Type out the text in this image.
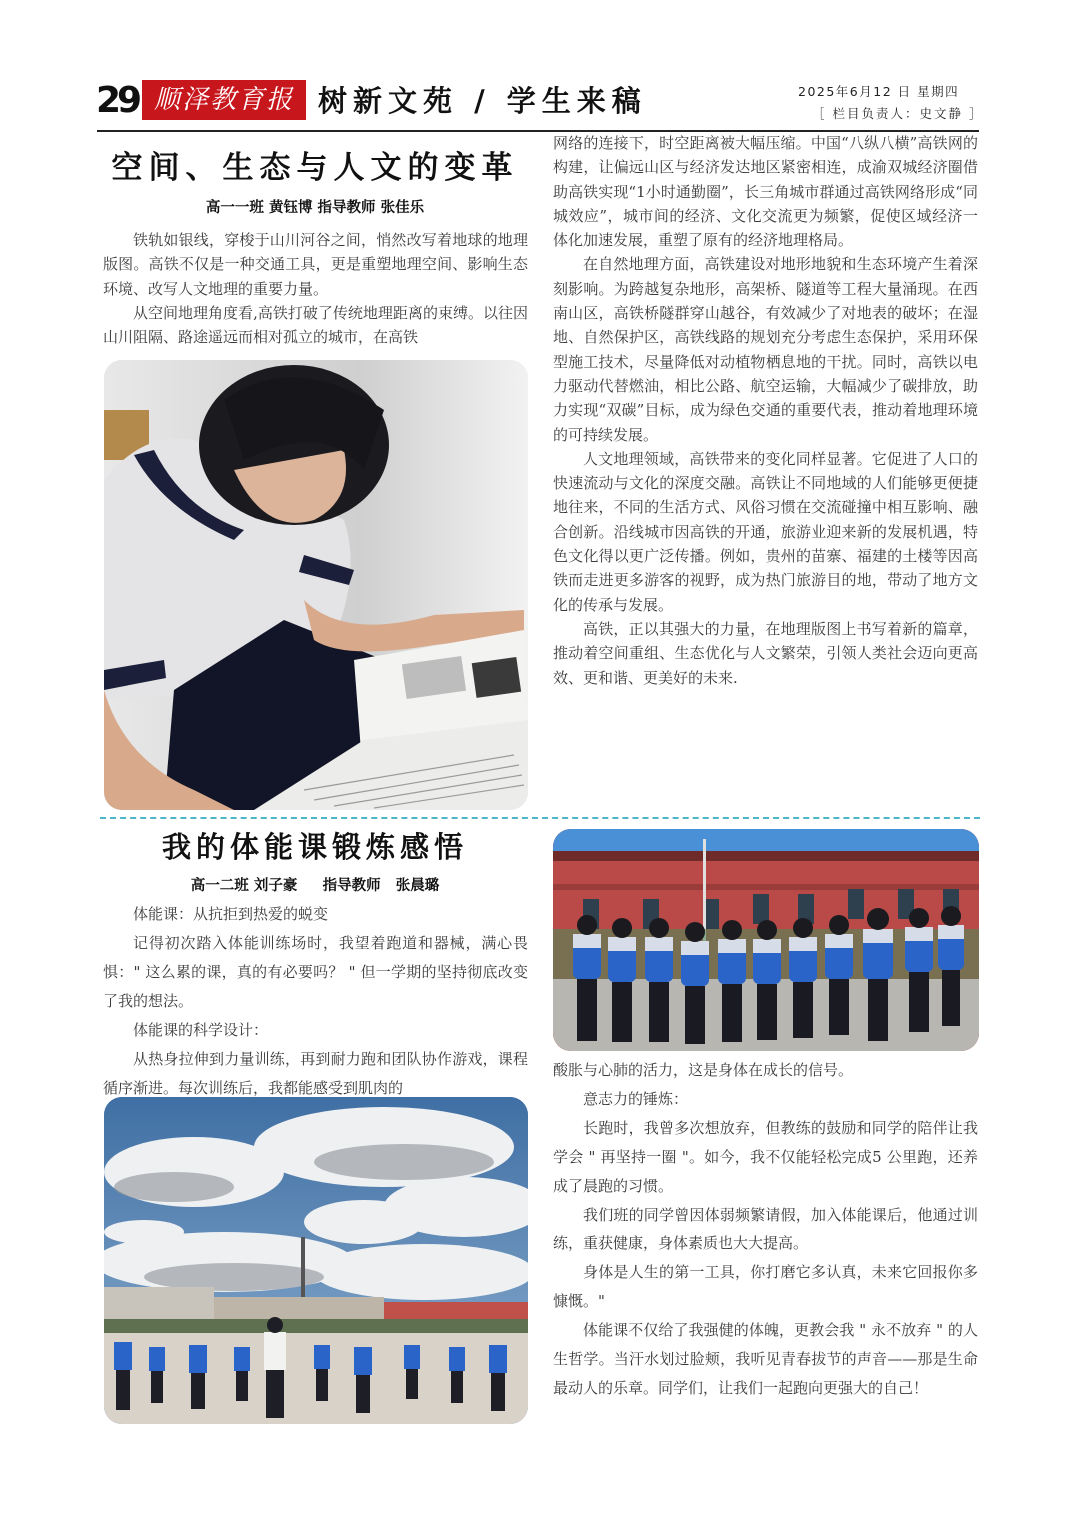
29 顺泽教育报 树新文苑 / 学生来稿	2025年6月12 日 星期四
［ 栏目负责人：史文静 ］
空间、生态与人文的变革
高一一班 黄钰博 指导教师 张佳乐

铁轨如银线，穿梭于山川河谷之间，悄然改写着地球的地理版图。高铁不仅是一种交通工具，更是重塑地理空间、影响生态环境、改写人文地理的重要力量。

从空间地理角度看,高铁打破了传统地理距离的束缚。以往因山川阻隔、路途遥远而相对孤立的城市，在高铁

网络的连接下，时空距离被大幅压缩。中国“八纵八横”高铁网的构建，让偏远山区与经济发达地区紧密相连，成渝双城经济圈借助高铁实现“1小时通勤圈”，长三角城市群通过高铁网络形成“同城效应”，城市间的经济、文化交流更为频繁，促使区域经济一体化加速发展，重塑了原有的经济地理格局。

在自然地理方面，高铁建设对地形地貌和生态环境产生着深刻影响。为跨越复杂地形，高架桥、隧道等工程大量涌现。在西南山区，高铁桥隧群穿山越谷，有效减少了对地表的破坏；在湿地、自然保护区，高铁线路的规划充分考虑生态保护，采用环保型施工技术，尽量降低对动植物栖息地的干扰。同时，高铁以电力驱动代替燃油，相比公路、航空运输，大幅减少了碳排放，助力实现“双碳”目标，成为绿色交通的重要代表，推动着地理环境的可持续发展。

人文地理领域，高铁带来的变化同样显著。它促进了人口的快速流动与文化的深度交融。高铁让不同地域的人们能够更便捷地往来，不同的生活方式、风俗习惯在交流碰撞中相互影响、融合创新。沿线城市因高铁的开通，旅游业迎来新的发展机遇，特色文化得以更广泛传播。例如，贵州的苗寨、福建的土楼等因高铁而走进更多游客的视野，成为热门旅游目的地，带动了地方文化的传承与发展。

高铁，正以其强大的力量，在地理版图上书写着新的篇章，推动着空间重组、生态优化与人文繁荣，引领人类社会迈向更高效、更和谐、更美好的未来.

我的体能课锻炼感悟
高一二班 刘子豪     指导教师   张晨璐

体能课：从抗拒到热爱的蜕变

记得初次踏入体能训练场时，我望着跑道和器械，满心畏惧：" 这么累的课，真的有必要吗？ " 但一学期的坚持彻底改变了我的想法。

体能课的科学设计：

从热身拉伸到力量训练，再到耐力跑和团队协作游戏，课程循序渐进。每次训练后，我都能感受到肌肉的

酸胀与心肺的活力，这是身体在成长的信号。

意志力的锤炼：

长跑时，我曾多次想放弃，但教练的鼓励和同学的陪伴让我学会 " 再坚持一圈 "。如今，我不仅能轻松完成5 公里跑，还养成了晨跑的习惯。

我们班的同学曾因体弱频繁请假，加入体能课后，他通过训练，重获健康，身体素质也大大提高。

身体是人生的第一工具，你打磨它多认真，未来它回报你多慷慨。"

体能课不仅给了我强健的体魄，更教会我 " 永不放弃 " 的人生哲学。当汗水划过脸颊，我听见青春拔节的声音——那是生命最动人的乐章。同学们，让我们一起跑向更强大的自己！
